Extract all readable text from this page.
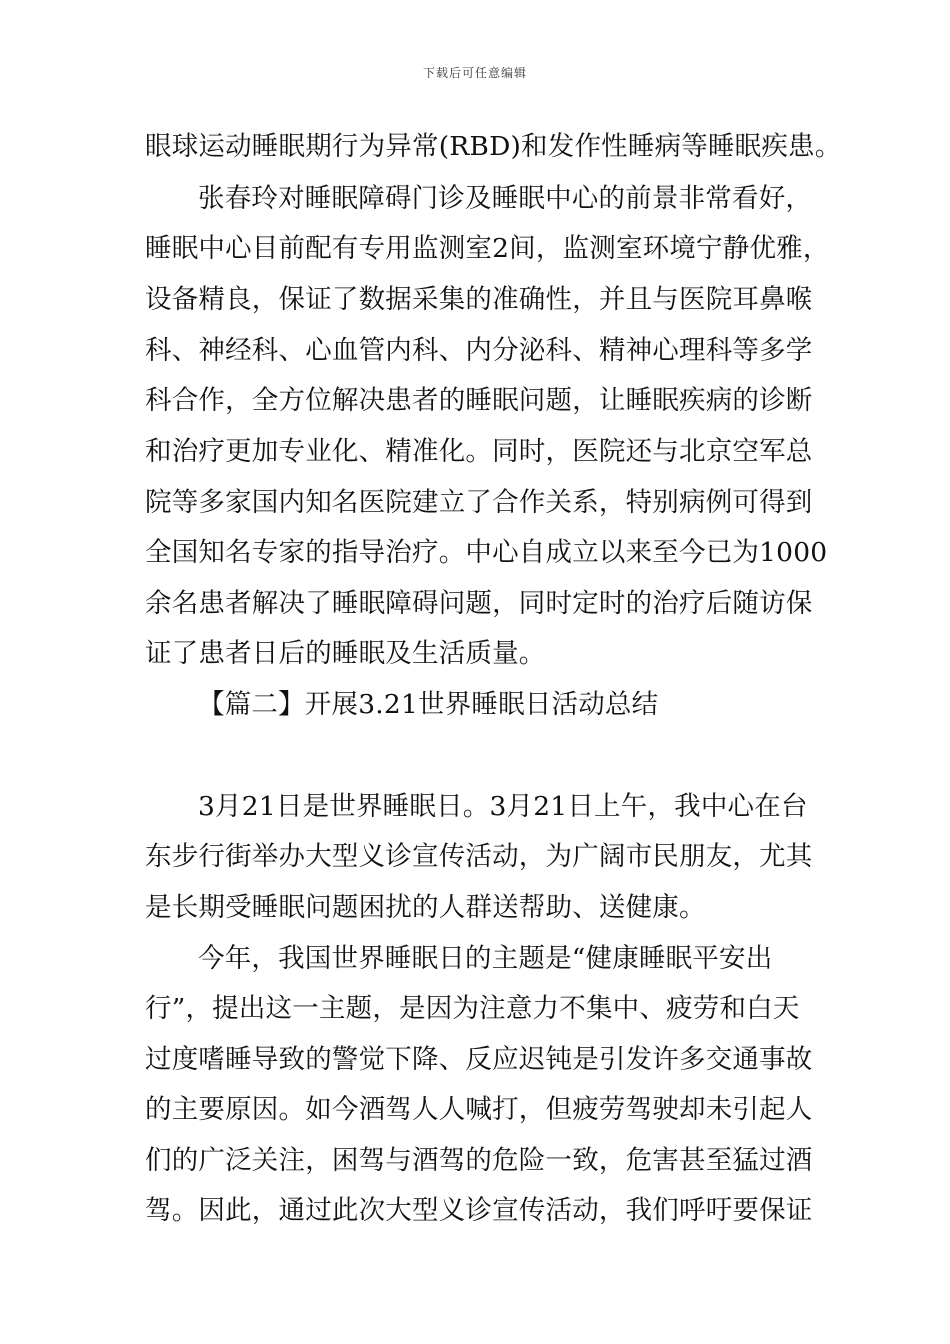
下载后可任意编辑
眼球运动睡眠期行为异常(RBD)和发作性睡病等睡眠疾患。
张春玲对睡眠障碍门诊及睡眠中心的前景非常看好，
睡眠中心目前配有专用监测室2间，监测室环境宁静优雅，
设备精良，保证了数据采集的准确性，并且与医院耳鼻喉
科、神经科、心血管内科、内分泌科、精神心理科等多学
科合作，全方位解决患者的睡眠问题，让睡眠疾病的诊断
和治疗更加专业化、精准化。同时，医院还与北京空军总
院等多家国内知名医院建立了合作关系，特别病例可得到
全国知名专家的指导治疗。中心自成立以来至今已为1000
余名患者解决了睡眠障碍问题，同时定时的治疗后随访保
证了患者日后的睡眠及生活质量。
【篇二】开展3.21世界睡眠日活动总结
3月21日是世界睡眠日。3月21日上午，我中心在台
东步行街举办大型义诊宣传活动，为广阔市民朋友，尤其
是长期受睡眠问题困扰的人群送帮助、送健康。
今年，我国世界睡眠日的主题是“健康睡眠平安出
行”，提出这一主题，是因为注意力不集中、疲劳和白天
过度嗜睡导致的警觉下降、反应迟钝是引发许多交通事故
的主要原因。如今酒驾人人喊打，但疲劳驾驶却未引起人
们的广泛关注，困驾与酒驾的危险一致，危害甚至猛过酒
驾。因此，通过此次大型义诊宣传活动，我们呼吁要保证
